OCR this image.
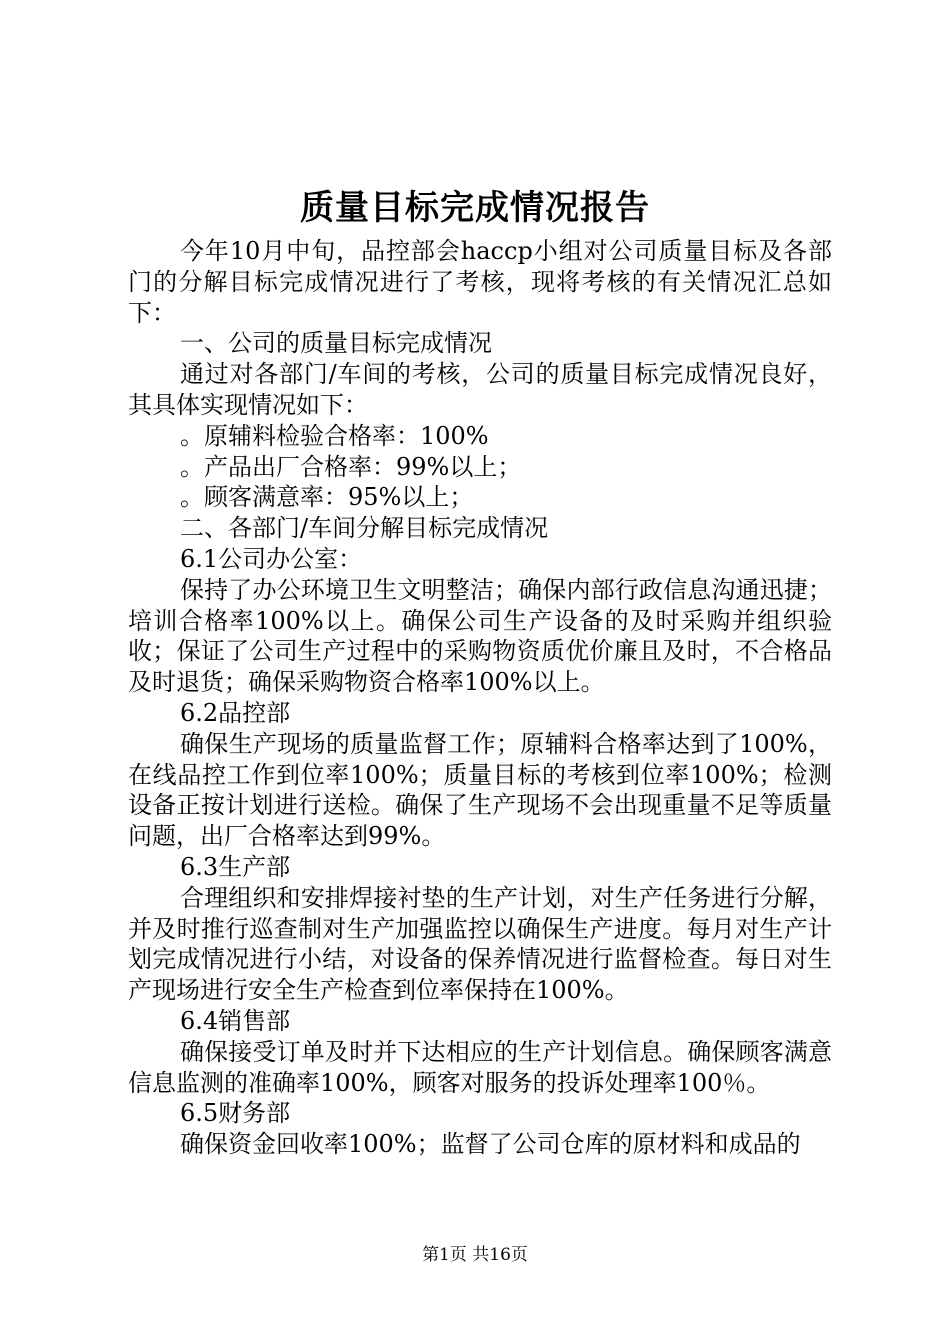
质量目标完成情况报告

今年10月中旬，品控部会haccp小组对公司质量目标及各部门的分解目标完成情况进行了考核，现将考核的有关情况汇总如下：

一、公司的质量目标完成情况

通过对各部门/车间的考核，公司的质量目标完成情况良好，其具体实现情况如下：

。原辅料检验合格率：100%

。产品出厂合格率：99%以上；

。顾客满意率：95%以上；

二、各部门/车间分解目标完成情况

6.1公司办公室：

保持了办公环境卫生文明整洁；确保内部行政信息沟通迅捷；培训合格率100%以上。确保公司生产设备的及时采购并组织验收；保证了公司生产过程中的采购物资质优价廉且及时，不合格品及时退货；确保采购物资合格率100%以上。

6.2品控部

确保生产现场的质量监督工作；原辅料合格率达到了100%，在线品控工作到位率100%；质量目标的考核到位率100%；检测设备正按计划进行送检。确保了生产现场不会出现重量不足等质量问题，出厂合格率达到99%。

6.3生产部

合理组织和安排焊接衬垫的生产计划，对生产任务进行分解，并及时推行巡查制对生产加强监控以确保生产进度。每月对生产计划完成情况进行小结，对设备的保养情况进行监督检查。每日对生产现场进行安全生产检查到位率保持在100%。

6.4销售部

确保接受订单及时并下达相应的生产计划信息。确保顾客满意信息监测的准确率100%，顾客对服务的投诉处理率100％。

6.5财务部

确保资金回收率100%；监督了公司仓库的原材料和成品的

第1页 共16页
